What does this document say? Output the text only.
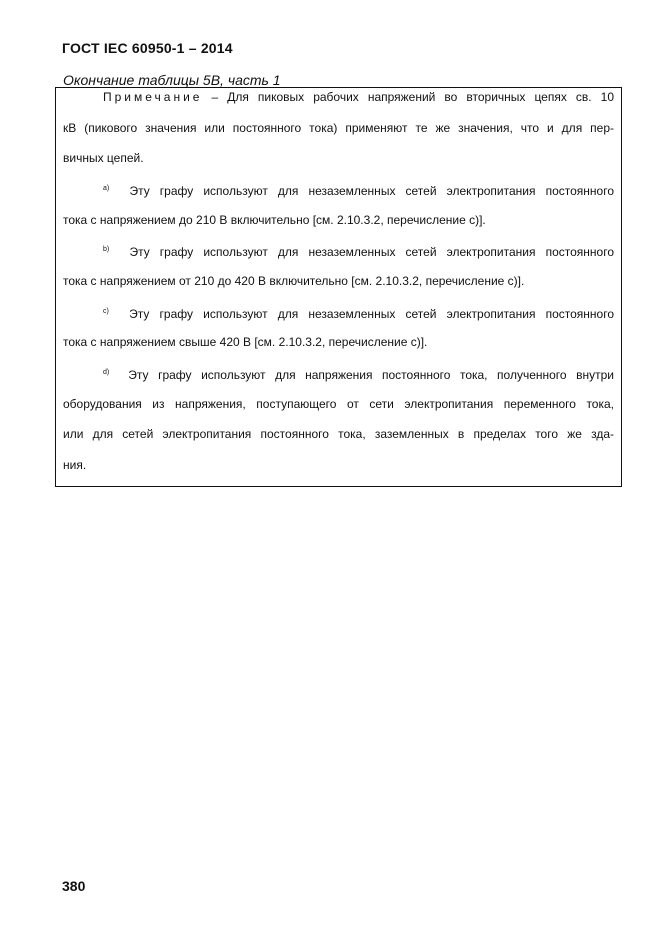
ГОСТ IEC 60950-1 – 2014
Окончание таблицы 5В, часть 1
Примечание – Для пиковых рабочих напряжений во вторичных цепях св. 10
кВ (пикового значения или постоянного тока) применяют те же значения, что и для пер-
вичных цепей.
$^{a)}$ Эту графу используют для незаземленных сетей электропитания постоянного
тока с напряжением до 210 В включительно [см. 2.10.3.2, перечисление с)].
$^{b)}$ Эту графу используют для незаземленных сетей электропитания постоянного
тока с напряжением от 210 до 420 В включительно [см. 2.10.3.2, перечисление с)].
$^{c)}$ Эту графу используют для незаземленных сетей электропитания постоянного
тока с напряжением свыше 420 В [см. 2.10.3.2, перечисление с)].
$^{d)}$ Эту графу используют для напряжения постоянного тока, полученного внутри
оборудования из напряжения, поступающего от сети электропитания переменного тока,
или для сетей электропитания постоянного тока, заземленных в пределах того же зда-
ния.
380
